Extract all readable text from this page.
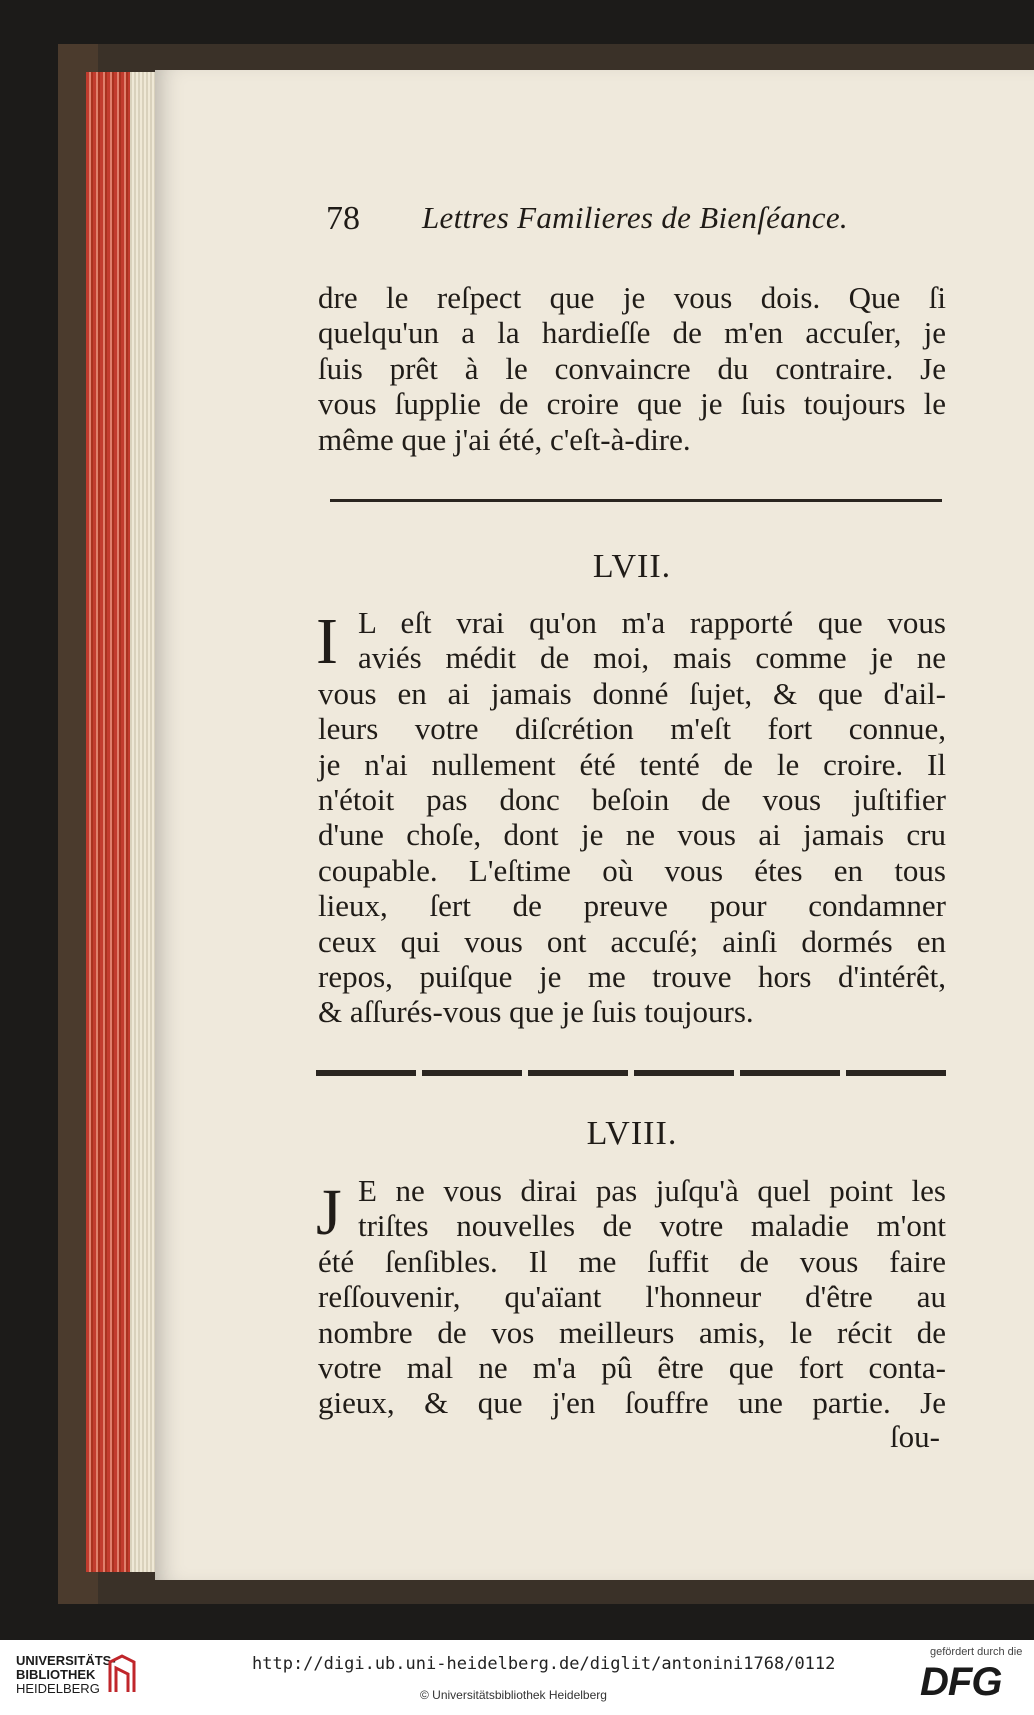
78 Lettres Familieres de Bienſéance.
dre le reſpect que je vous dois. Que ſi
quelqu'un a la hardieſſe de m'en accuſer, je
ſuis prêt à le convaincre du contraire. Je
vous ſupplie de croire que je ſuis toujours le
même que j'ai été, c'eſt-à-dire.
LVII.
I L eſt vrai qu'on m'a rapporté que vous
aviés médit de moi, mais comme je ne
vous en ai jamais donné ſujet, & que d'ail-
leurs votre diſcrétion m'eſt fort connue,
je n'ai nullement été tenté de le croire. Il
n'étoit pas donc beſoin de vous juſtifier
d'une choſe, dont je ne vous ai jamais cru
coupable. L'eſtime où vous étes en tous
lieux, ſert de preuve pour condamner
ceux qui vous ont accuſé; ainſi dormés en
repos, puiſque je me trouve hors d'intérêt,
& aſſurés-vous que je ſuis toujours.
LVIII.
J E ne vous dirai pas juſqu'à quel point les
triſtes nouvelles de votre maladie m'ont
été ſenſibles. Il me ſuffit de vous faire
reſſouvenir, qu'aïant l'honneur d'être au
nombre de vos meilleurs amis, le récit de
votre mal ne m'a pû être que fort conta-
gieux, & que j'en ſouffre une partie. Je
ſou-
UNIVERSITÄTS-
BIBLIOTHEK
HEIDELBERG
http://digi.ub.uni-heidelberg.de/diglit/antonini1768/0112
© Universitätsbibliothek Heidelberg
gefördert durch die
DFG
